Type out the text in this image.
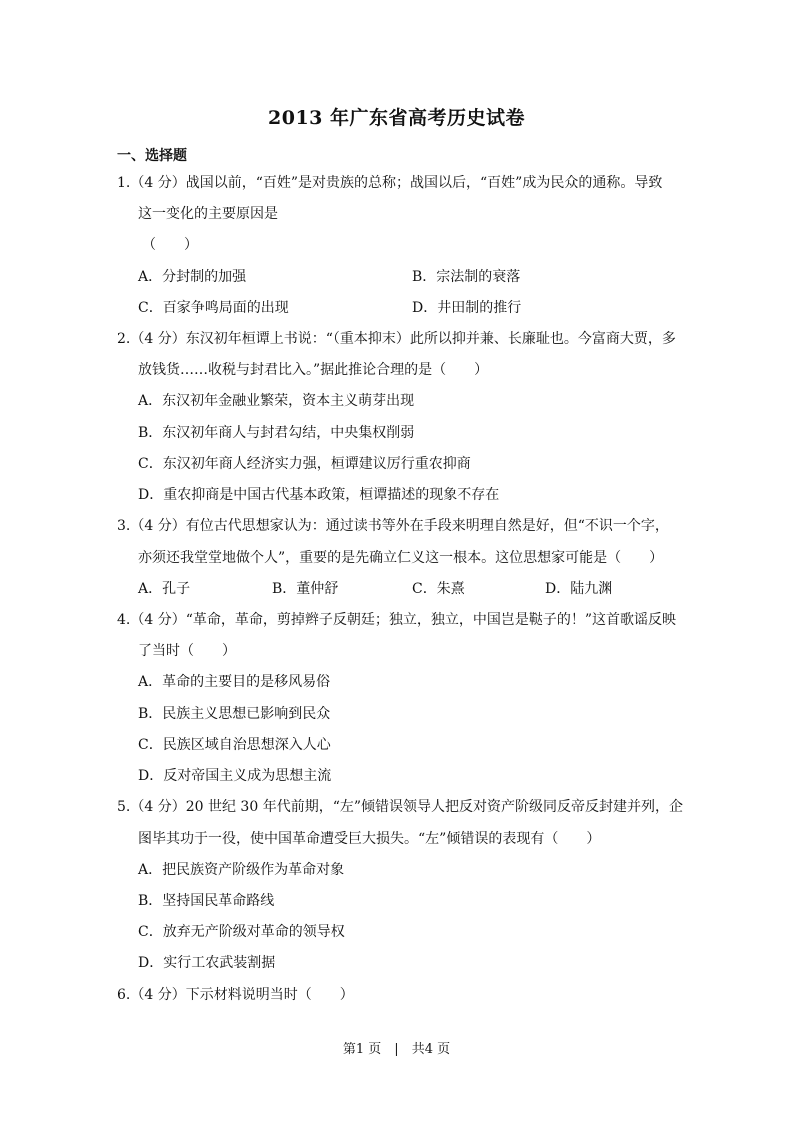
2013 年广东省高考历史试卷
一、选择题
1.（4 分）战国以前，“百姓”是对贵族的总称；战国以后，“百姓”成为民众的通称。导致
这一变化的主要原因是
（　　）
A．分封制的加强	B．宗法制的衰落
C．百家争鸣局面的出现	D．井田制的推行
2.（4 分）东汉初年桓谭上书说：“（重本抑末）此所以抑并兼、长廉耻也。今富商大贾，多
放钱货……收税与封君比入。”据此推论合理的是（　　）
A．东汉初年金融业繁荣，资本主义萌芽出现
B．东汉初年商人与封君勾结，中央集权削弱
C．东汉初年商人经济实力强，桓谭建议厉行重农抑商
D．重农抑商是中国古代基本政策，桓谭描述的现象不存在
3.（4 分）有位古代思想家认为：通过读书等外在手段来明理自然是好，但“不识一个字，
亦须还我堂堂地做个人”，重要的是先确立仁义这一根本。这位思想家可能是（　　）
A．孔子	B．董仲舒	C．朱熹	D．陆九渊
4.（4 分）“革命，革命，剪掉辫子反朝廷；独立，独立，中国岂是鞑子的！”这首歌谣反映
了当时（　　）
A．革命的主要目的是移风易俗
B．民族主义思想已影响到民众
C．民族区域自治思想深入人心
D．反对帝国主义成为思想主流
5.（4 分）20 世纪 30 年代前期，“左”倾错误领导人把反对资产阶级同反帝反封建并列，企
图毕其功于一役，使中国革命遭受巨大损失。“左”倾错误的表现有（　　）
A．把民族资产阶级作为革命对象
B．坚持国民革命路线
C．放弃无产阶级对革命的领导权
D．实行工农武装割据
6.（4 分）下示材料说明当时（　　）
第1 页　|　共4 页
